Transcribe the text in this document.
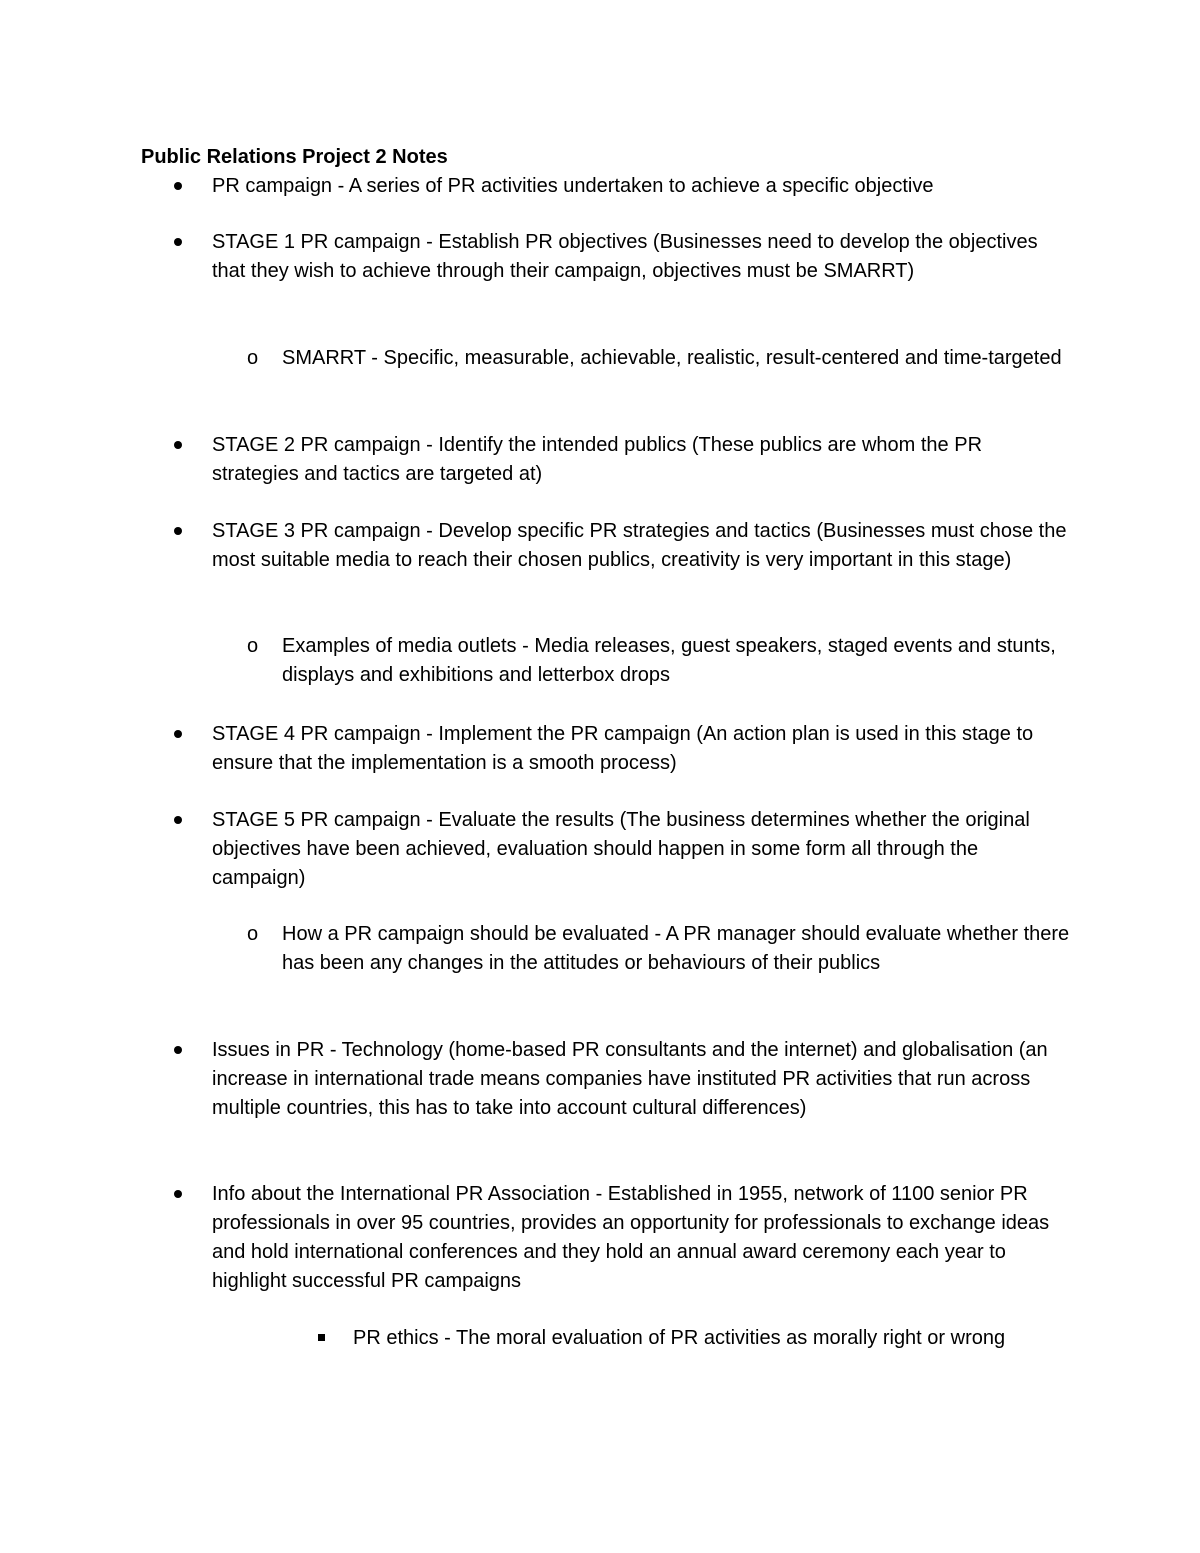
Public Relations Project 2 Notes
PR campaign - A series of PR activities undertaken to achieve a specific objective
STAGE 1 PR campaign - Establish PR objectives (Businesses need to develop the objectives that they wish to achieve through their campaign, objectives must be SMARRT)
o SMARRT - Specific, measurable, achievable, realistic, result-centered and time-targeted
STAGE 2 PR campaign - Identify the intended publics (These publics are whom the PR strategies and tactics are targeted at)
STAGE 3 PR campaign - Develop specific PR strategies and tactics (Businesses must chose the most suitable media to reach their chosen publics, creativity is very important in this stage)
o Examples of media outlets - Media releases, guest speakers, staged events and stunts, displays and exhibitions and letterbox drops
STAGE 4 PR campaign - Implement the PR campaign (An action plan is used in this stage to ensure that the implementation is a smooth process)
STAGE 5 PR campaign - Evaluate the results (The business determines whether the original objectives have been achieved, evaluation should happen in some form all through the campaign)
o How a PR campaign should be evaluated - A PR manager should evaluate whether there has been any changes in the attitudes or behaviours of their publics
Issues in PR - Technology (home-based PR consultants and the internet) and globalisation (an increase in international trade means companies have instituted PR activities that run across multiple countries, this has to take into account cultural differences)
Info about the International PR Association - Established in 1955, network of 1100 senior PR professionals in over 95 countries, provides an opportunity for professionals to exchange ideas and hold international conferences and they hold an annual award ceremony each year to highlight successful PR campaigns
PR ethics - The moral evaluation of PR activities as morally right or wrong
